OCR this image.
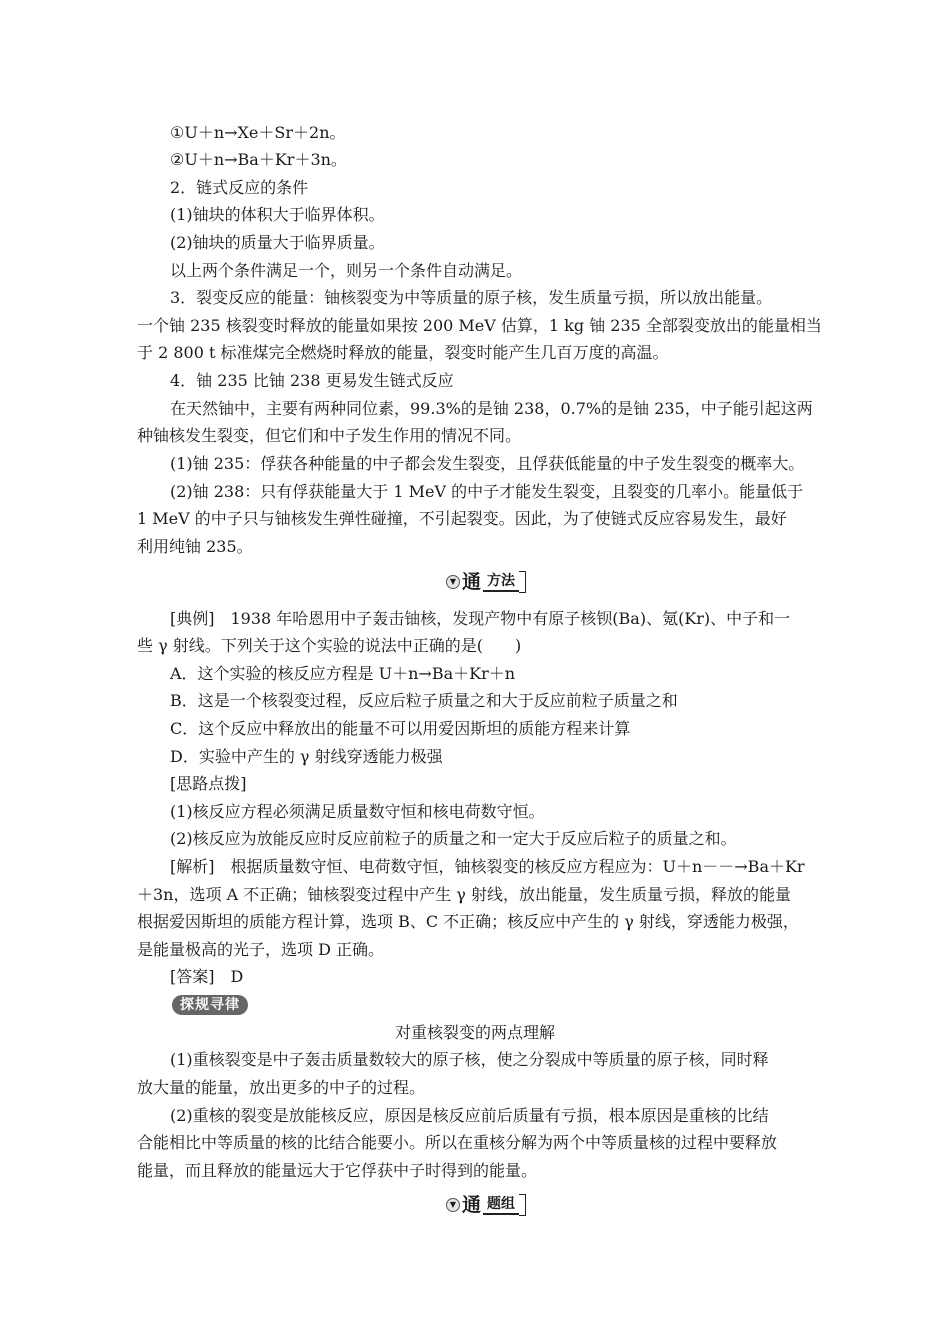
①U＋n→Xe＋Sr＋2n。
②U＋n→Ba＋Kr＋3n。
2．链式反应的条件
(1)铀块的体积大于临界体积。
(2)铀块的质量大于临界质量。
以上两个条件满足一个，则另一个条件自动满足。
3．裂变反应的能量：铀核裂变为中等质量的原子核，发生质量亏损，所以放出能量。
一个铀 235 核裂变时释放的能量如果按 200 MeV 估算，1 kg 铀 235 全部裂变放出的能量相当
于 2 800 t 标准煤完全燃烧时释放的能量，裂变时能产生几百万度的高温。
4．铀 235 比铀 238 更易发生链式反应
在天然铀中，主要有两种同位素，99.3%的是铀 238，0.7%的是铀 235，中子能引起这两
种铀核发生裂变，但它们和中子发生作用的情况不同。
(1)铀 235：俘获各种能量的中子都会发生裂变，且俘获低能量的中子发生裂变的概率大。
(2)铀 238：只有俘获能量大于 1 MeV 的中子才能发生裂变，且裂变的几率小。能量低于
1 MeV 的中子只与铀核发生弹性碰撞，不引起裂变。因此，为了使链式反应容易发生，最好
利用纯铀 235。
▼ 通 方法
[典例]　1938 年哈恩用中子轰击铀核，发现产物中有原子核钡(Ba)、氪(Kr)、中子和一
些 γ 射线。下列关于这个实验的说法中正确的是(　　)
A．这个实验的核反应方程是 U＋n→Ba＋Kr＋n
B．这是一个核裂变过程，反应后粒子质量之和大于反应前粒子质量之和
C．这个反应中释放出的能量不可以用爱因斯坦的质能方程来计算
D．实验中产生的 γ 射线穿透能力极强
[思路点拨]
(1)核反应方程必须满足质量数守恒和核电荷数守恒。
(2)核反应为放能反应时反应前粒子的质量之和一定大于反应后粒子的质量之和。
[解析]　根据质量数守恒、电荷数守恒，铀核裂变的核反应方程应为：U＋n－－→Ba＋Kr
＋3n，选项 A 不正确；铀核裂变过程中产生 γ 射线，放出能量，发生质量亏损，释放的能量
根据爱因斯坦的质能方程计算，选项 B、C 不正确；核反应中产生的 γ 射线，穿透能力极强，
是能量极高的光子，选项 D 正确。
[答案]　D
探规寻律
对重核裂变的两点理解
(1)重核裂变是中子轰击质量数较大的原子核，使之分裂成中等质量的原子核，同时释
放大量的能量，放出更多的中子的过程。
(2)重核的裂变是放能核反应，原因是核反应前后质量有亏损，根本原因是重核的比结
合能相比中等质量的核的比结合能要小。所以在重核分解为两个中等质量核的过程中要释放
能量，而且释放的能量远大于它俘获中子时得到的能量。
▼ 通 题组
